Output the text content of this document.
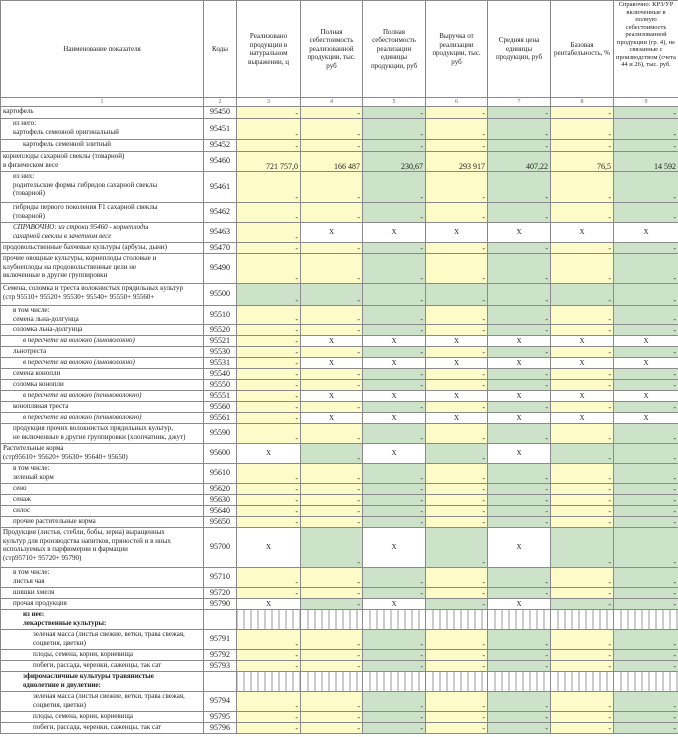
Наименование показателя	Коды	Реализовано продукции в натуральном выражении, ц	Полная себестоимость реализованной продукции, тыс. руб	Полная себестоимость реализации единицы продукции, руб	Выручка от реализации продукции, тыс. руб	Средняя цена единицы продукции, руб	Базовая рентабельность, %	Справочно: КРЗ/УР включенные в полную себестоимость реализованной продукции (гр. 4), не связанные с производством (счета 44 и 26), тыс. руб.
1	2	3	4	5	6	7	8	9
картофель	95450	-	-	-	-	-	-	-
из него:
картофель семенной оригинальный	95451	-	-	-	-	-	-	-
картофель семенной элитный	95452	-	-	-	-	-	-	-
корнеплоды сахарной свеклы (товарной)
в физическом весе	95460	721 757,0	166 487	230,67	293 917	407,22	76,5	14 592
из них:
родительские формы гибридов сахарной свеклы
(товарной)	95461	-	-	-	-	-	-	-
гибриды первого поколения F1 сахарной свеклы
(товарной)	95462	-	-	-	-	-	-	-
СПРАВОЧНО: из строки 95460 - корнеплоды
сахарной свеклы в зачетном весе	95463	-	X	X	X	X	X	X
продовольственные бахчевые культуры (арбузы, дыни)	95470	-	-	-	-	-	-	-
прочие овощные культуры, корнеплоды столовые и
клубнеплоды на продовольственные цели не
включенные в другие группировки	95490	-	-	-	-	-	-	-
Семена, соломка и треста волокнистых прядильных культур
(стр 95510+ 95520+ 95530+ 95540+ 95550+ 95560+	95500	-	-	-	-	-	-	-
в том числе:
семена льна-долгунца	95510	-	-	-	-	-	-	-
соломка льна-долгунца	95520	-	-	-	-	-	-	-
в пересчете на волокно (льноволокно)	95521	-	X	X	X	X	X	X
льнотреста	95530	-	-	-	-	-	-	-
в пересчете на волокно (льноволокно)	95531	-	X	X	X	X	X	X
семена конопли	95540	-	-	-	-	-	-	-
соломка конопли	95550	-	-	-	-	-	-	-
в пересчете на волокно (пеньковолокно)	95551	-	X	X	X	X	X	X
конопляная треста	95560	-	-	-	-	-	-	-
в пересчете на волокно (пеньковолокно)	95561	-	X	X	X	X	X	X
продукция прочих волокнистых прядильных культур,
не включенные в другие группировки (хлопчатник, джут)	95590	-	-	-	-	-	-	-
Растительные корма
(стр95610+ 95620+ 95630+ 95640+ 95650)	95600	X	-	X	-	X	-	-
в том числе:
зеленый корм	95610	-	-	-	-	-	-	-
сено	95620	-	-	-	-	-	-	-
сенаж	95630	-	-	-	-	-	-	-
силос	95640	-	-	-	-	-	-	-
прочие растительные корма	95650	-	-	-	-	-	-	-
Продукция (листья, стебли, бобы, зерна) выращенных
культур для производства напитков, пряностей и в иных
используемых в парфюмерии и фармации
(стр95710+ 95720+ 95790)	95700	X	-	X	-	X	-	-
в том числе:
листья чая	95710	-	-	-	-	-	-	-
шишки хмеля	95720	-	-	-	-	-	-	-
прочая продукция	95790	X	-	X	-	X	-	-
из нее:
лекарственные культуры:								
зеленая масса (листья свежие, ветки, трава свежая,
соцветия, цветки)	95791	-	-	-	-	-	-	-
плоды, семена, корни, корневища	95792	-	-	-	-	-	-	-
побеги, рассада, черенки, саженцы, так сат	95793	-	-	-	-	-	-	-
эфиромасличные культуры травянистые
однолетние и двулетние:								
зеленая масса (листья свежие, ветки, трава свежая,
соцветия, цветки)	95794	-	-	-	-	-	-	-
плоды, семена, корни, корневища	95795	-	-	-	-	-	-	-
побеги, рассада, черенки, саженцы, так сат	95796	-	-	-	-	-	-	-
